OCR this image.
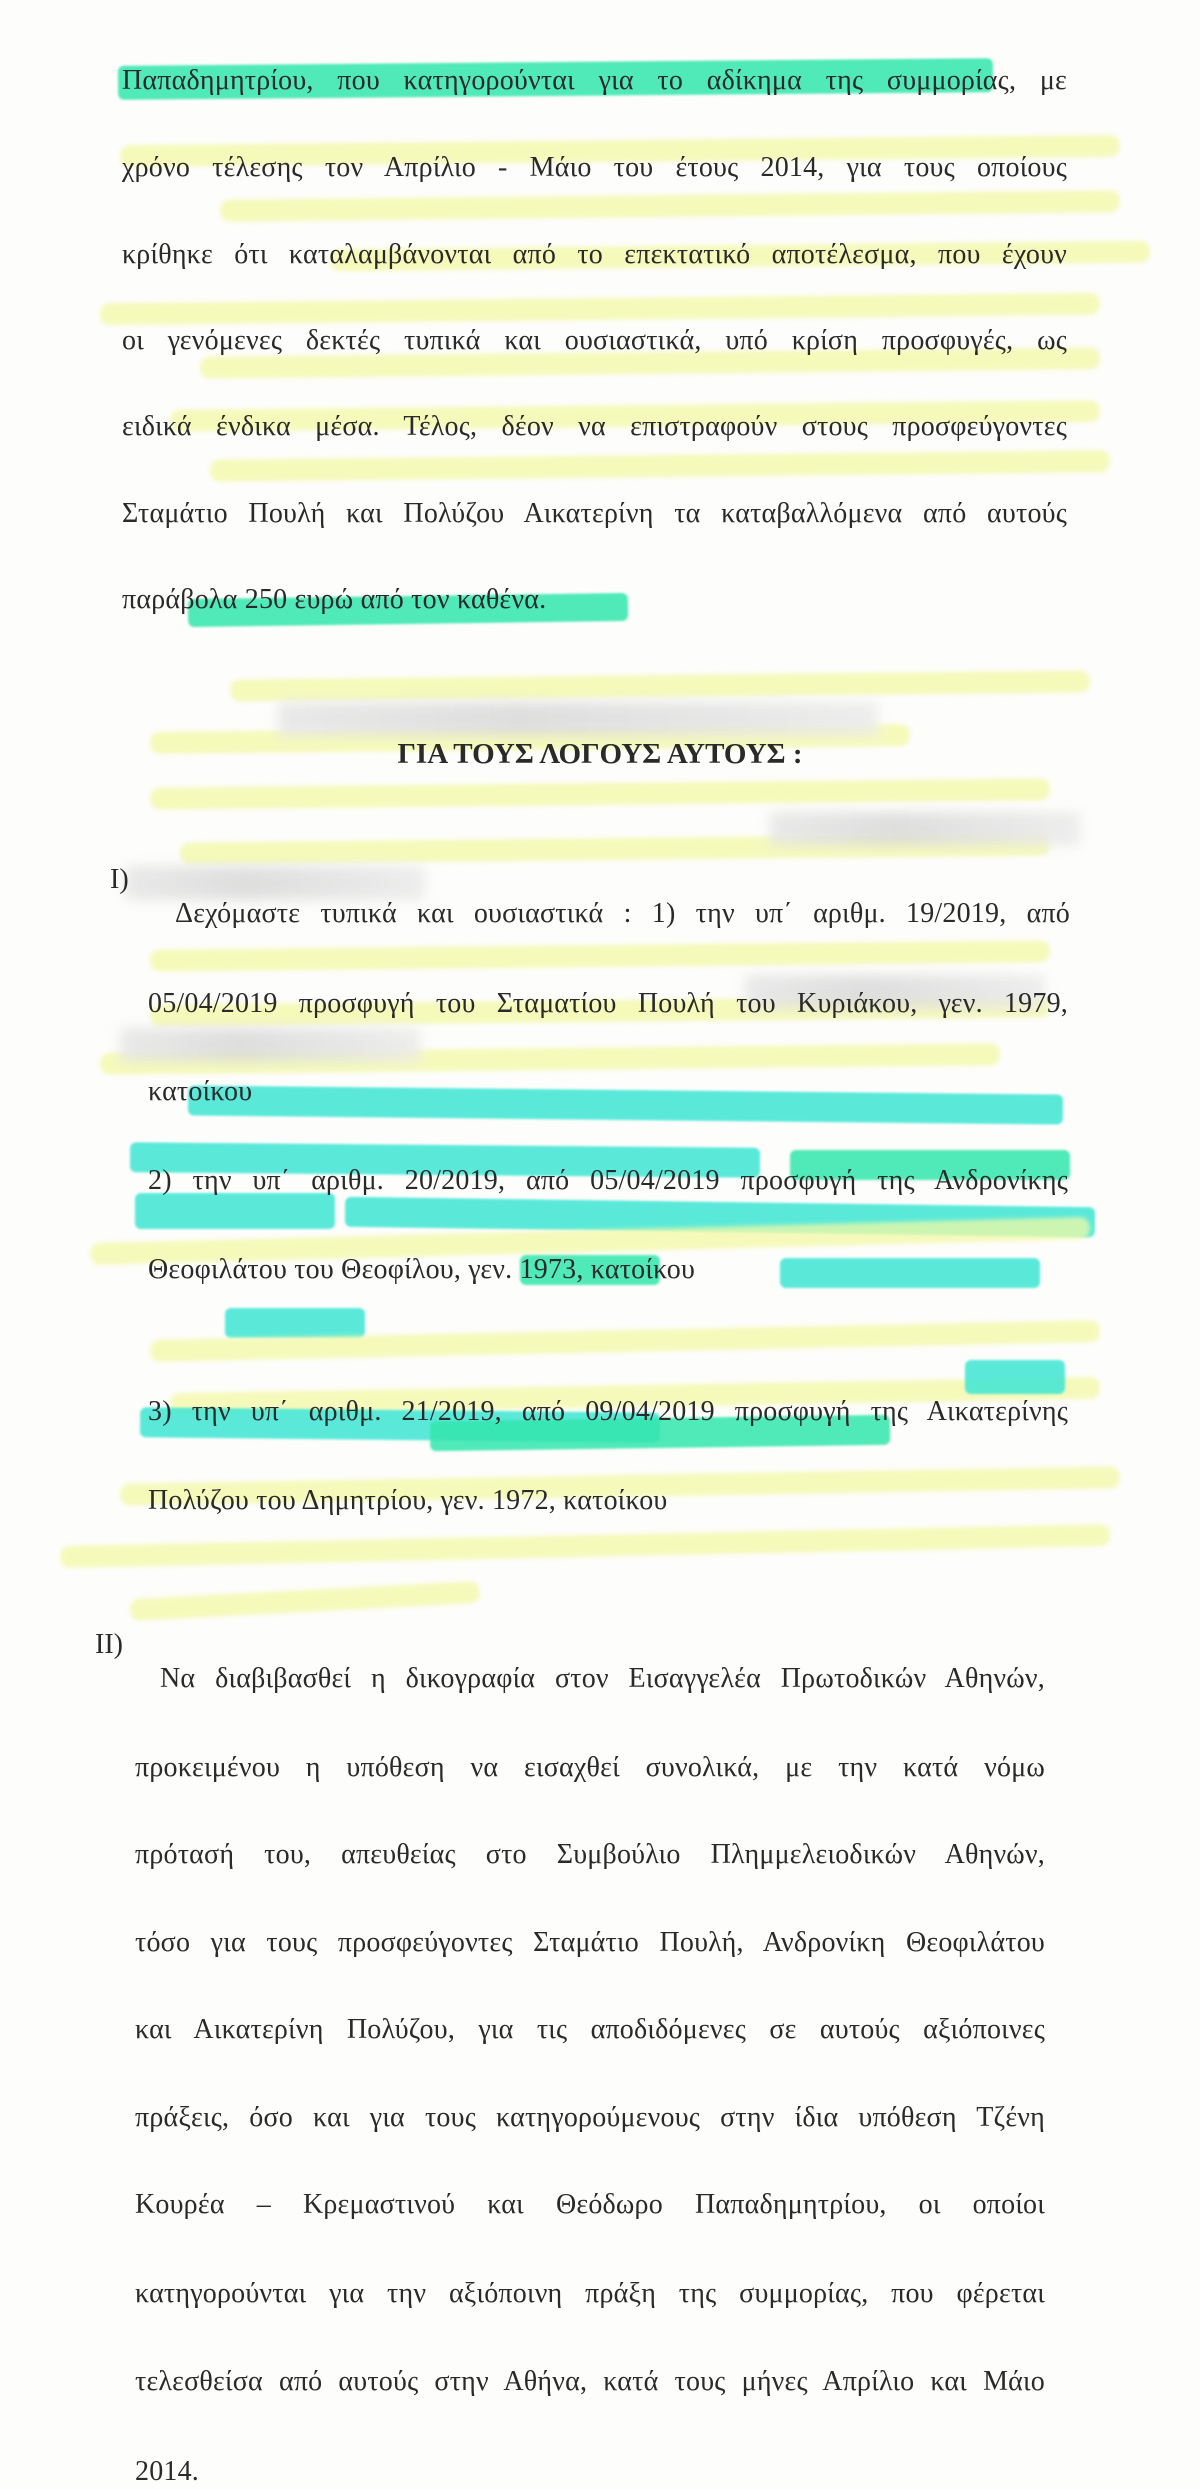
Παπαδημητρίου, που κατηγορούνται για το αδίκημα της συμμορίας, με
χρόνο τέλεσης τον Απρίλιο - Μάιο του έτους 2014, για τους οποίους
κρίθηκε ότι καταλαμβάνονται από το επεκτατικό αποτέλεσμα, που έχουν
οι γενόμενες δεκτές τυπικά και ουσιαστικά, υπό κρίση προσφυγές, ως
ειδικά ένδικα μέσα. Τέλος, δέον να επιστραφούν στους προσφεύγοντες
Σταμάτιο Πουλή και Πολύζου Αικατερίνη τα καταβαλλόμενα από αυτούς
παράβολα 250 ευρώ από τον καθένα.
ΓΙΑ ΤΟΥΣ ΛΟΓΟΥΣ ΑΥΤΟΥΣ :
I)
Δεχόμαστε τυπικά και ουσιαστικά : 1) την υπ΄ αριθμ. 19/2019, από
05/04/2019 προσφυγή του Σταματίου Πουλή του Κυριάκου, γεν. 1979,
κατοίκου
2) την υπ΄ αριθμ. 20/2019, από 05/04/2019 προσφυγή της Ανδρονίκης
Θεοφιλάτου του Θεοφίλου, γεν. 1973, κατοίκου
3) την υπ΄ αριθμ. 21/2019, από 09/04/2019 προσφυγή της Αικατερίνης
Πολύζου του Δημητρίου, γεν. 1972, κατοίκου
II)
Να διαβιβασθεί η δικογραφία στον Εισαγγελέα Πρωτοδικών Αθηνών,
προκειμένου η υπόθεση να εισαχθεί συνολικά, με την κατά νόμω
πρότασή του, απευθείας στο Συμβούλιο Πλημμελειοδικών Αθηνών,
τόσο για τους προσφεύγοντες Σταμάτιο Πουλή, Ανδρονίκη Θεοφιλάτου
και Αικατερίνη Πολύζου, για τις αποδιδόμενες σε αυτούς αξιόποινες
πράξεις, όσο και για τους κατηγορούμενους στην ίδια υπόθεση Τζένη
Κουρέα – Κρεμαστινού και Θεόδωρο Παπαδημητρίου, οι οποίοι
κατηγορούνται για την αξιόποινη πράξη της συμμορίας, που φέρεται
τελεσθείσα από αυτούς στην Αθήνα, κατά τους μήνες Απρίλιο και Μάιο
2014.
